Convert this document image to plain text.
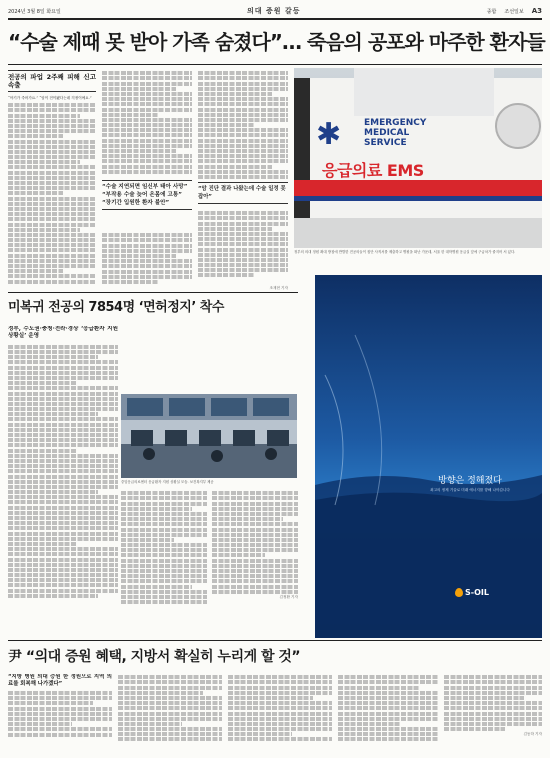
2024년 3월 8일 화요일	의대 증원 갈등	종합 조선일보 A3
“수술 제때 못 받아 가족 숨졌다”… 죽음의 공포와 마주한 환자들
전공의 파업 2주째 피해 신고 속출
“아기가 죽어가요.” “암이 전이됐다는데 걱정이에요.”
“수술 지연되면 임신부 태아 사망” “부작용 수술 늦어 온몸에 고통” “장기간 입원한 환자 불안”
“암 진단 결과 나왔는데 수술 일정 못 잡아”
EMERGENCY
MEDICAL
SERVICE
✱
응급의료 EMS
정부의 의대 정원 확대 방침에 반발한 전공의들이 집단 사직서를 제출하고 병원을 떠난 가운데, 서울 한 대학병원 응급실 앞에 구급차가 줄지어 서 있다.
미복귀 전공의 7854명 ‘면허정지’ 착수
정부, 수도권·충청·전라·경상 ‘응급환자 지원 상황실’ 운영
중앙응급의료센터 응급환자 지원 상황실 모습. 보건복지부 제공
김정환 기자
방향은 정해졌다
최고의 정제 기술로 미래 에너지를 향해 나아갑니다
S-OIL
尹 “의대 증원 혜택, 지방서 확실히 누리게 할 것”
“지방 병원 의대 증원 한 정원으로 지역 의료를 회복해 나가겠다”
김동하 기자
조재현 기자
